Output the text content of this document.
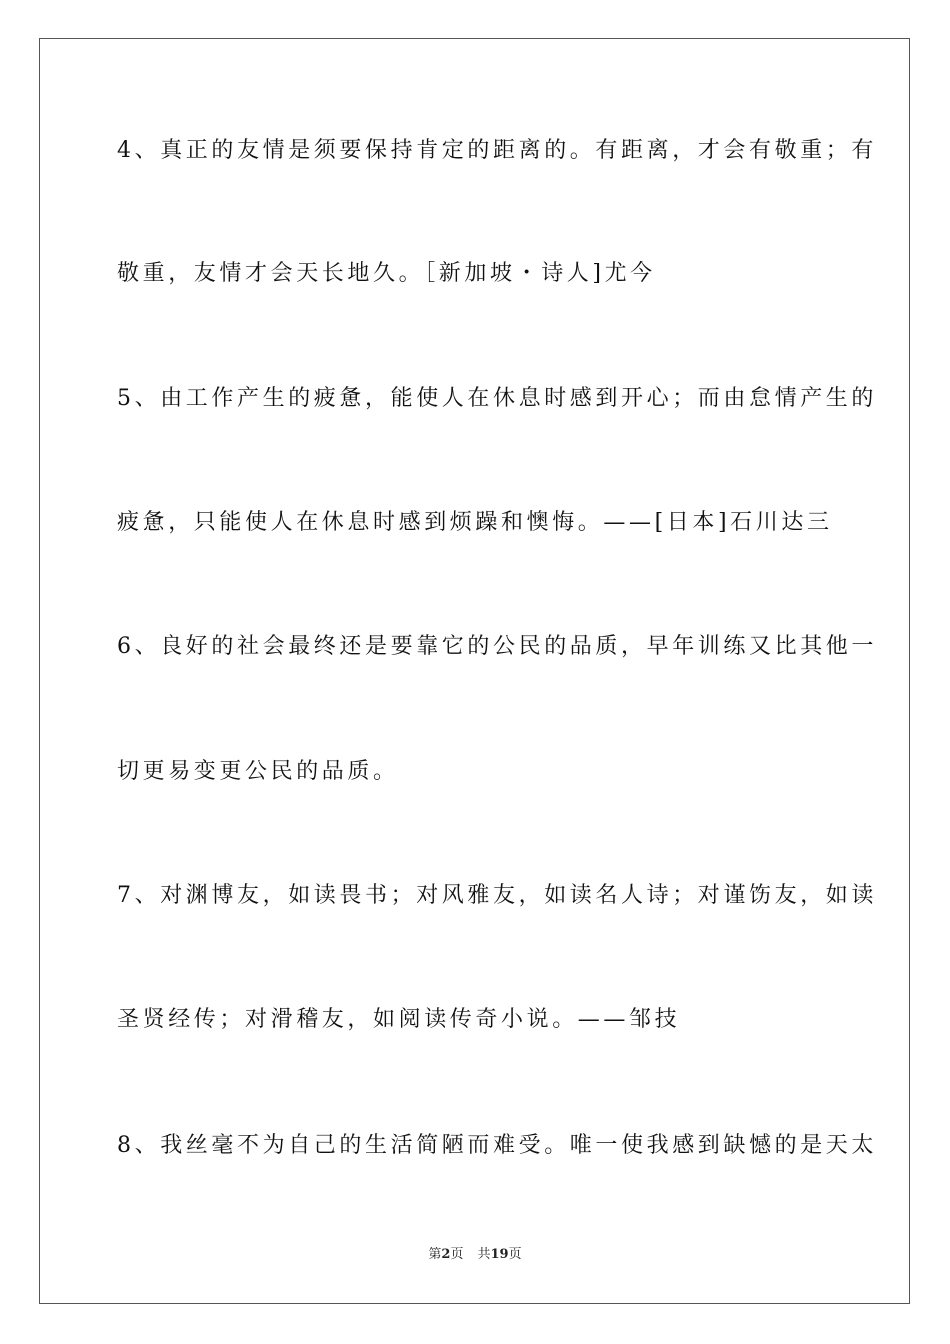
4、真正的友情是须要保持肯定的距离的。有距离，才会有敬重；有
敬重，友情才会天长地久。［新加坡・诗人]尤今
5、由工作产生的疲惫，能使人在休息时感到开心；而由怠情产生的
疲惫，只能使人在休息时感到烦躁和懊悔。——[日本]石川达三
6、良好的社会最终还是要靠它的公民的品质，早年训练又比其他一
切更易变更公民的品质。
7、对渊博友，如读畏书；对风雅友，如读名人诗；对谨饬友，如读
圣贤经传；对滑稽友，如阅读传奇小说。——邹技
8、我丝毫不为自己的生活简陋而难受。唯一使我感到缺憾的是天太
第2页 共19页
